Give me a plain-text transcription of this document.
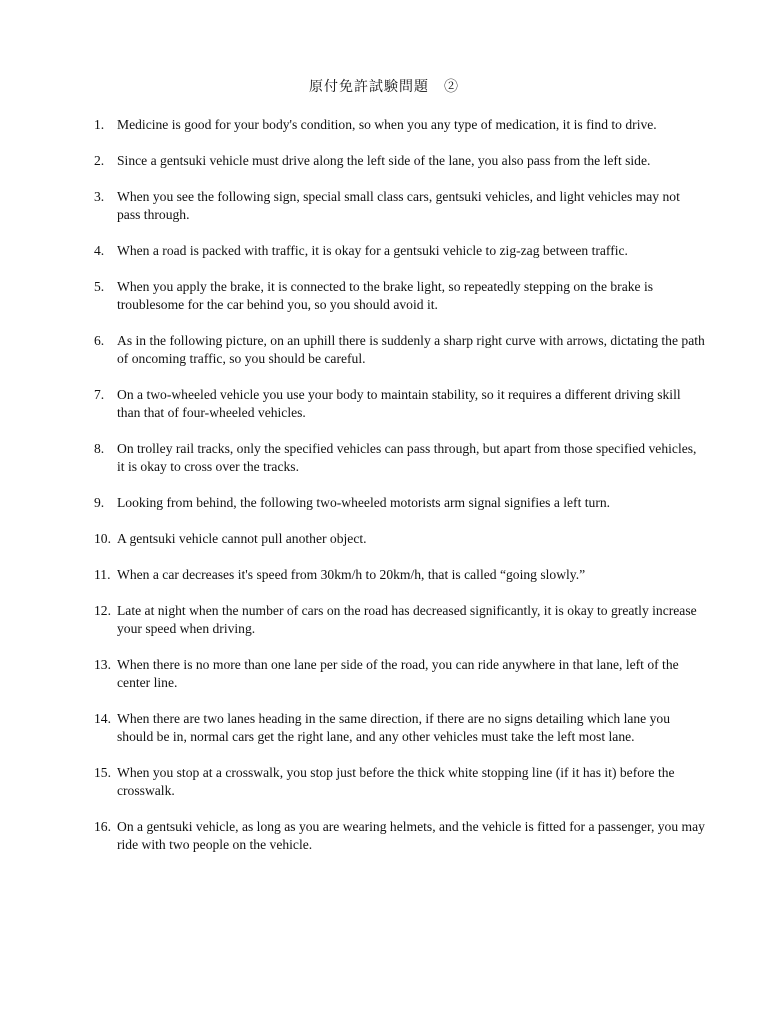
原付免許試験問題　②
1. Medicine is good for your body's condition, so when you any type of medication, it is find to drive.
2. Since a gentsuki vehicle must drive along the left side of the lane, you also pass from the left side.
3. When you see the following sign, special small class cars, gentsuki vehicles, and light vehicles may not pass through.
4. When a road is packed with traffic, it is okay for a gentsuki vehicle to zig-zag between traffic.
5. When you apply the brake, it is connected to the brake light, so repeatedly stepping on the brake is troublesome for the car behind you, so you should avoid it.
6. As in the following picture, on an uphill there is suddenly a sharp right curve with arrows, dictating the path of oncoming traffic, so you should be careful.
7. On a two-wheeled vehicle you use your body to maintain stability, so it requires a different driving skill than that of four-wheeled vehicles.
8. On trolley rail tracks, only the specified vehicles can pass through, but apart from those specified vehicles, it is okay to cross over the tracks.
9. Looking from behind, the following two-wheeled motorists arm signal signifies a left turn.
10. A gentsuki vehicle cannot pull another object.
11. When a car decreases it's speed from 30km/h to 20km/h, that is called “going slowly.”
12. Late at night when the number of cars on the road has decreased significantly, it is okay to greatly increase your speed when driving.
13. When there is no more than one lane per side of the road, you can ride anywhere in that lane, left of the center line.
14. When there are two lanes heading in the same direction, if there are no signs detailing which lane you should be in, normal cars get the right lane, and any other vehicles must take the left most lane.
15. When you stop at a crosswalk, you stop just before the thick white stopping line (if it has it) before the crosswalk.
16. On a gentsuki vehicle, as long as you are wearing helmets, and the vehicle is fitted for a passenger, you may ride with two people on the vehicle.
